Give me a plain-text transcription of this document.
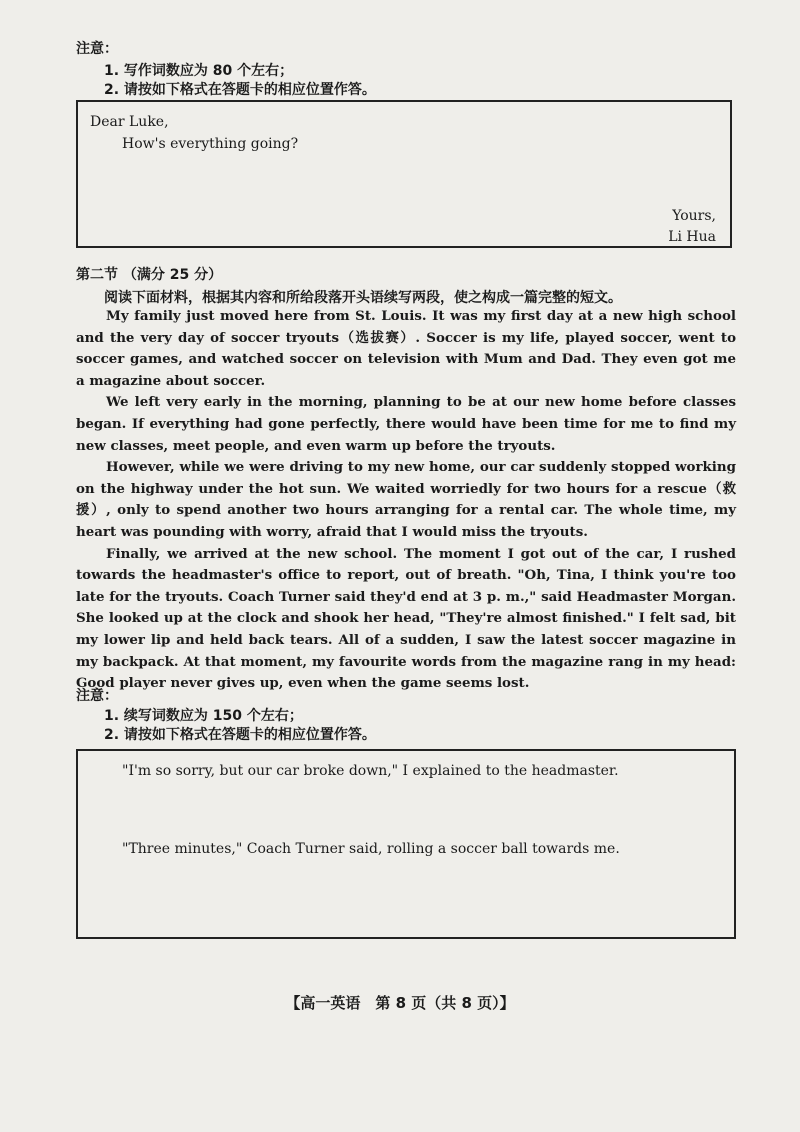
注意：
1. 写作词数应为 80 个左右；
2. 请按如下格式在答题卡的相应位置作答。
Dear Luke,
How's everything going?
Yours,
Li Hua
第二节 （满分 25 分）
阅读下面材料，根据其内容和所给段落开头语续写两段，使之构成一篇完整的短文。

My family just moved here from St. Louis. It was my first day at a new high school and the very day of soccer tryouts（选拔赛）. Soccer is my life, played soccer, went to soccer games, and watched soccer on television with Mum and Dad. They even got me a magazine about soccer.

We left very early in the morning, planning to be at our new home before classes began. If everything had gone perfectly, there would have been time for me to find my new classes, meet people, and even warm up before the tryouts.

However, while we were driving to my new home, our car suddenly stopped working on the highway under the hot sun. We waited worriedly for two hours for a rescue（救援）, only to spend another two hours arranging for a rental car. The whole time, my heart was pounding with worry, afraid that I would miss the tryouts.

Finally, we arrived at the new school. The moment I got out of the car, I rushed towards the headmaster's office to report, out of breath. "Oh, Tina, I think you're too late for the tryouts. Coach Turner said they'd end at 3 p. m.," said Headmaster Morgan. She looked up at the clock and shook her head, "They're almost finished." I felt sad, bit my lower lip and held back tears. All of a sudden, I saw the latest soccer magazine in my backpack. At that moment, my favourite words from the magazine rang in my head: Good player never gives up, even when the game seems lost.

注意：
1. 续写词数应为 150 个左右；
2. 请按如下格式在答题卡的相应位置作答。
"I'm so sorry, but our car broke down," I explained to the headmaster.
"Three minutes," Coach Turner said, rolling a soccer ball towards me.
【高一英语　第 8 页（共 8 页）】
